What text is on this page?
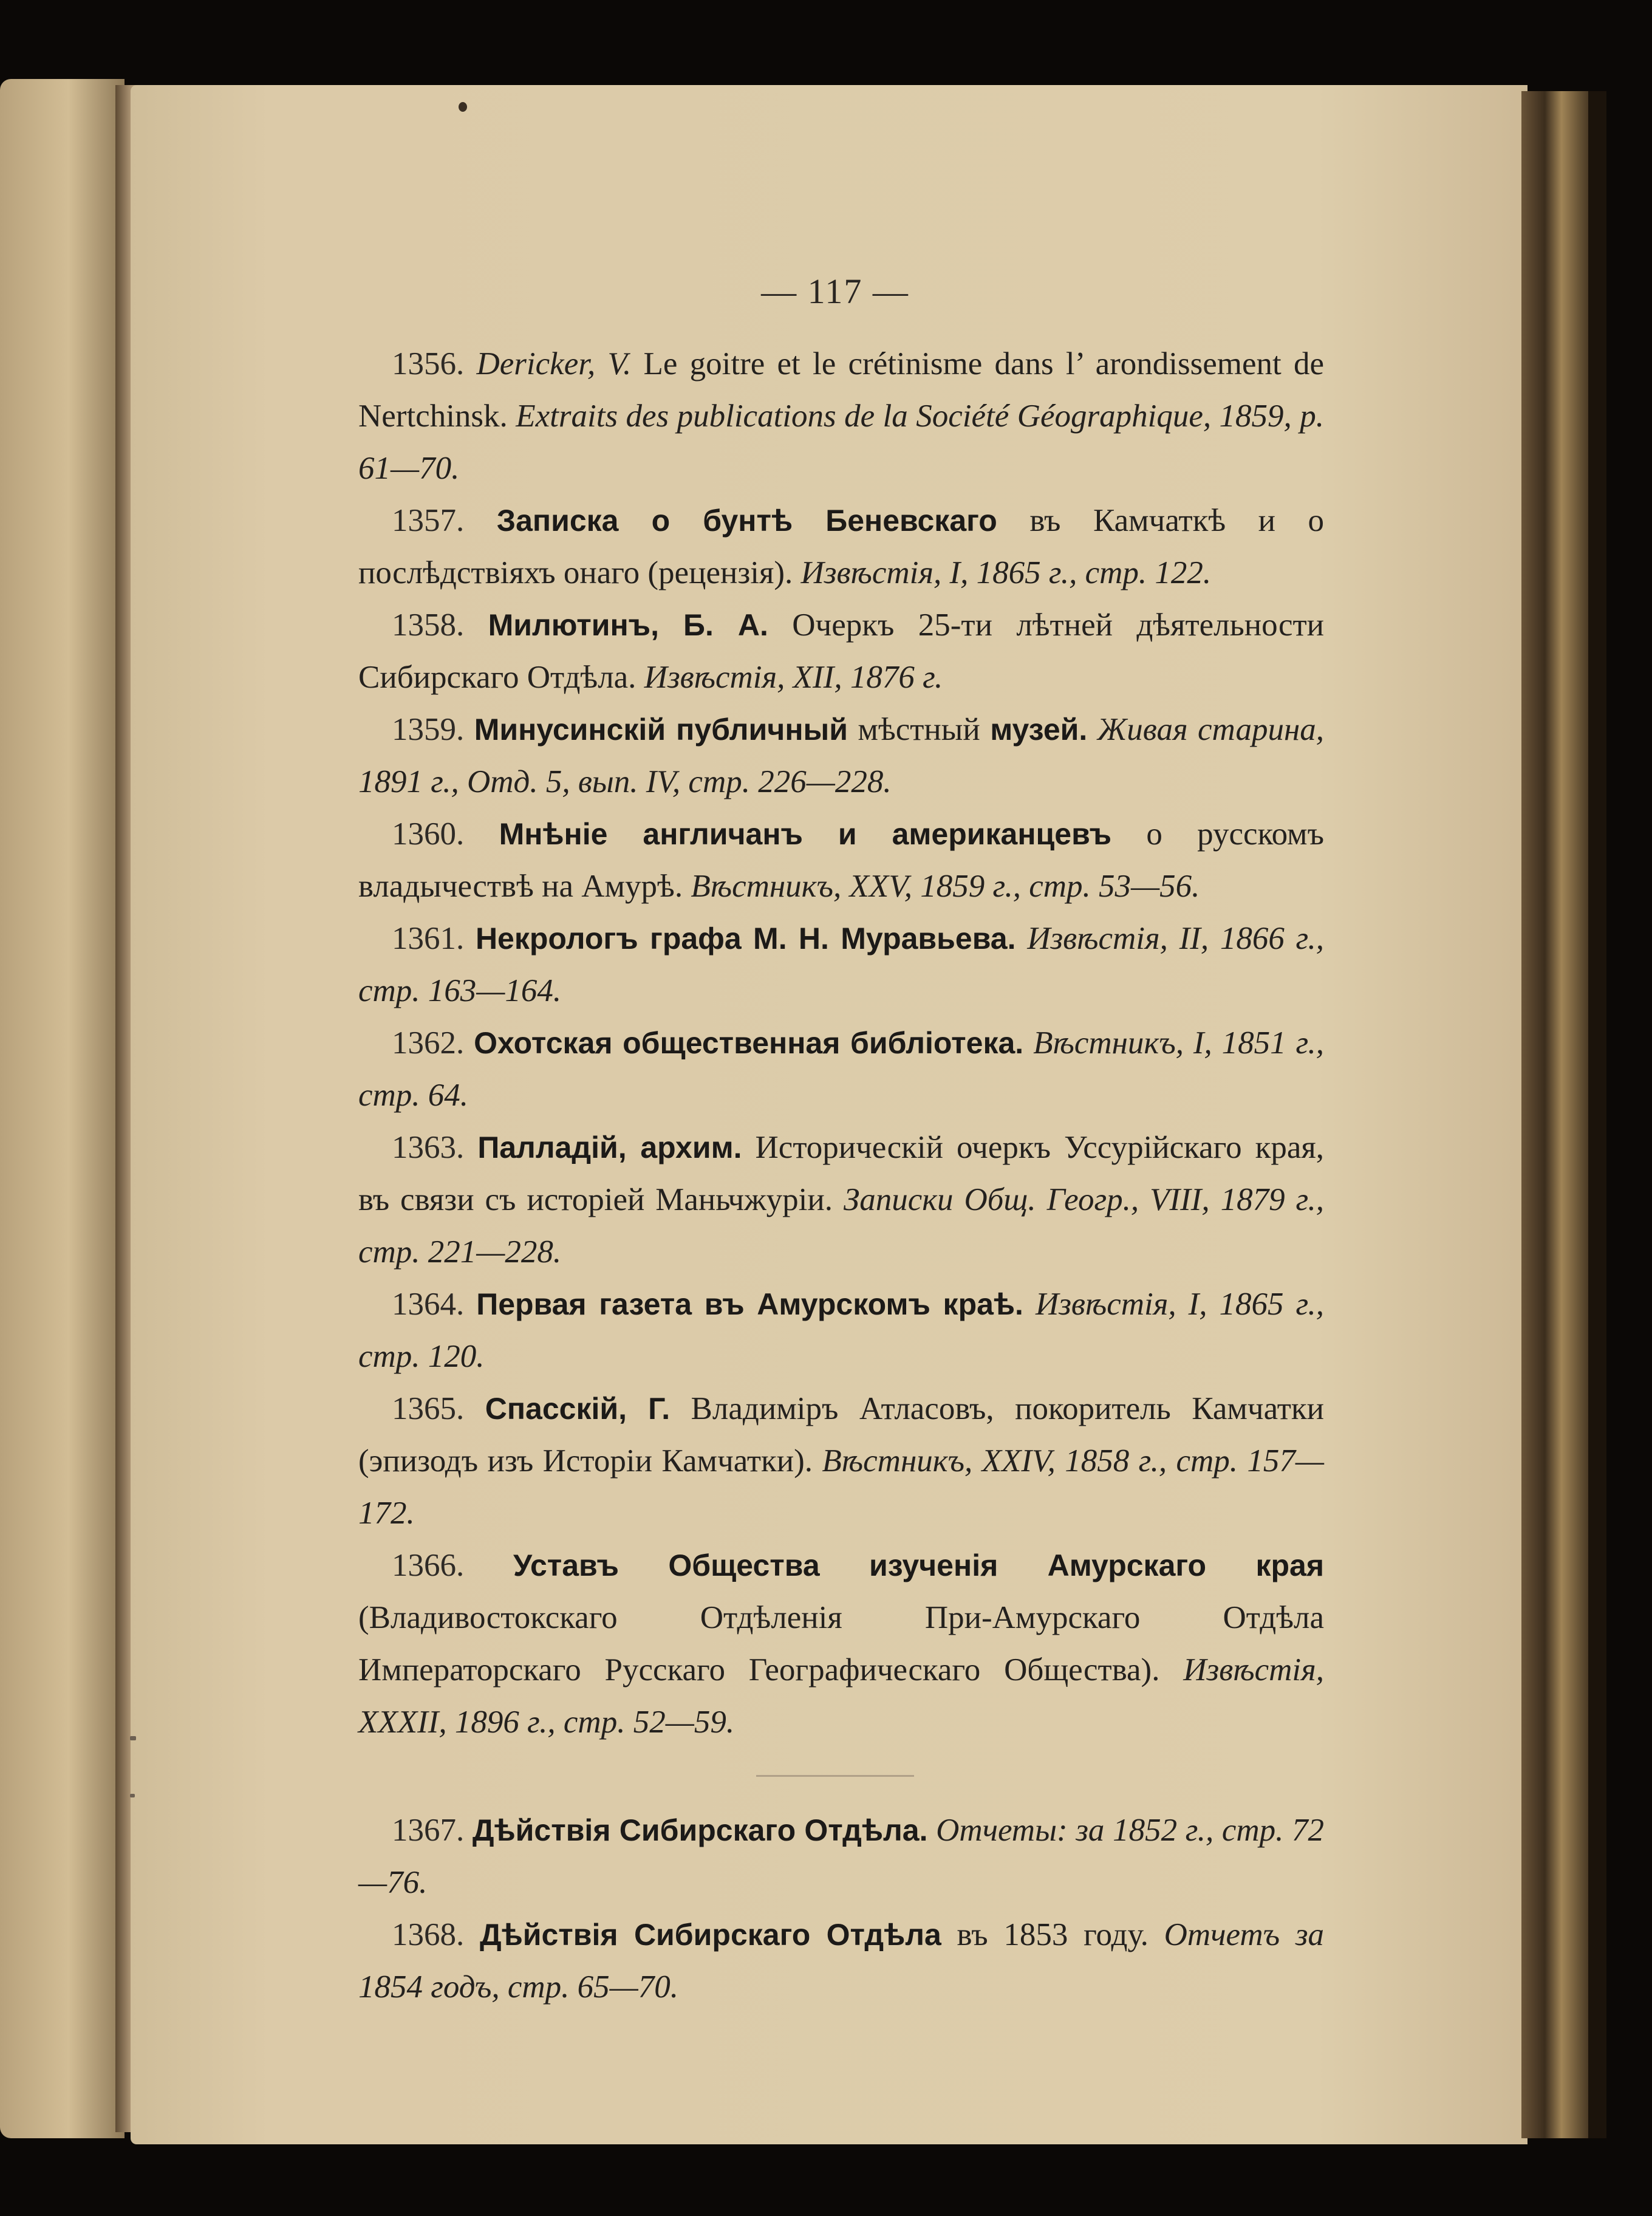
— 117 —

1356. Dericker, V. Le goitre et le crétinisme dans l’ arondissement de Nertchinsk. Extraits des publications de la Société Géographique, 1859, p. 61—70.

1357. Записка о бунтѣ Беневскаго въ Камчаткѣ и о послѣдствіяхъ онаго (рецензія). Извѣстія, I, 1865 г., стр. 122.

1358. Милютинъ, Б. А. Очеркъ 25-ти лѣтней дѣятельности Сибирскаго Отдѣла. Извѣстія, XII, 1876 г.

1359. Минусинскій публичный мѣстный музей. Живая старина, 1891 г., Отд. 5, вып. IV, стр. 226—228.

1360. Мнѣніе англичанъ и американцевъ о русскомъ владычествѣ на Амурѣ. Вѣстникъ, XXV, 1859 г., стр. 53—56.

1361. Некрологъ графа М. Н. Муравьева. Извѣстія, II, 1866 г., стр. 163—164.

1362. Охотская общественная библіотека. Вѣстникъ, I, 1851 г., стр. 64.

1363. Палладій, архим. Историческій очеркъ Уссурійскаго края, въ связи съ исторіей Маньчжуріи. Записки Общ. Геогр., VIII, 1879 г., стр. 221—228.

1364. Первая газета въ Амурскомъ краѣ. Извѣстія, I, 1865 г., стр. 120.

1365. Спасскій, Г. Владиміръ Атласовъ, покоритель Камчатки (эпизодъ изъ Исторіи Камчатки). Вѣстникъ, XXIV, 1858 г., стр. 157—172.

1366. Уставъ Общества изученія Амурскаго края (Владивостокскаго Отдѣленія При-Амурскаго Отдѣла Императорскаго Русскаго Географическаго Общества). Извѣстія, XXXII, 1896 г., стр. 52—59.

1367. Дѣйствія Сибирскаго Отдѣла. Отчеты: за 1852 г., стр. 72—76.

1368. Дѣйствія Сибирскаго Отдѣла въ 1853 году. Отчетъ за 1854 годъ, стр. 65—70.
